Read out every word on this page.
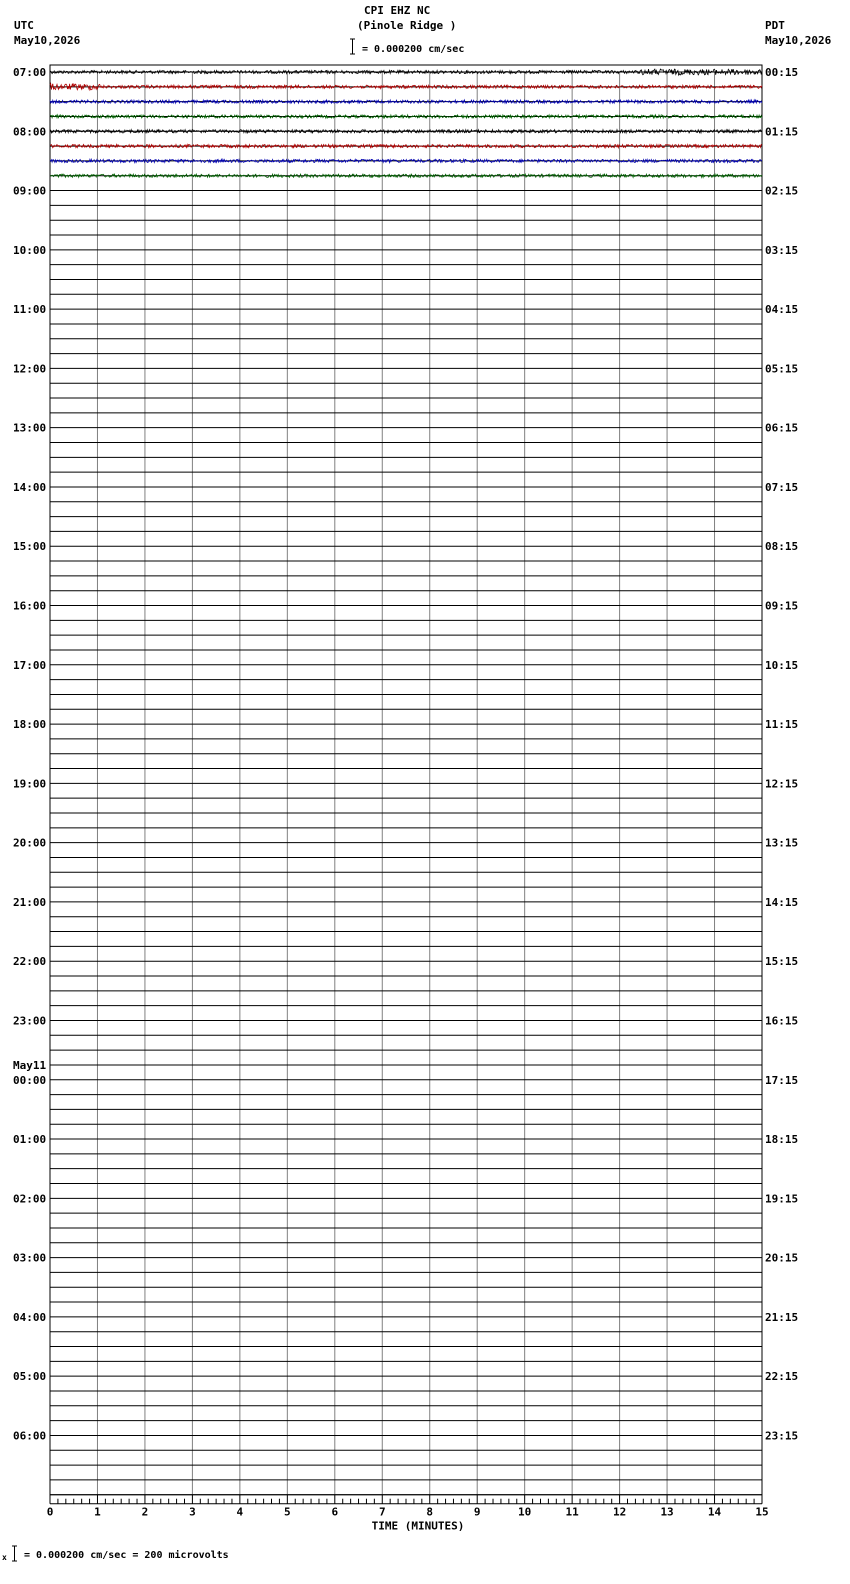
CPI EHZ NC
(Pinole Ridge )
= 0.000200 cm/sec
UTC
May10,2026
PDT
May10,2026
07:00
08:00
09:00
10:00
11:00
12:00
13:00
14:00
15:00
16:00
17:00
18:00
19:00
20:00
21:00
22:00
23:00
00:00
May11
01:00
02:00
03:00
04:00
05:00
06:00
00:15
01:15
02:15
03:15
04:15
05:15
06:15
07:15
08:15
09:15
10:15
11:15
12:15
13:15
14:15
15:15
16:15
17:15
18:15
19:15
20:15
21:15
22:15
23:15
0	1	2	3	4	5	6	7	8	9	10	11	12	13	14	15
TIME (MINUTES)
x = 0.000200 cm/sec = 200 microvolts
